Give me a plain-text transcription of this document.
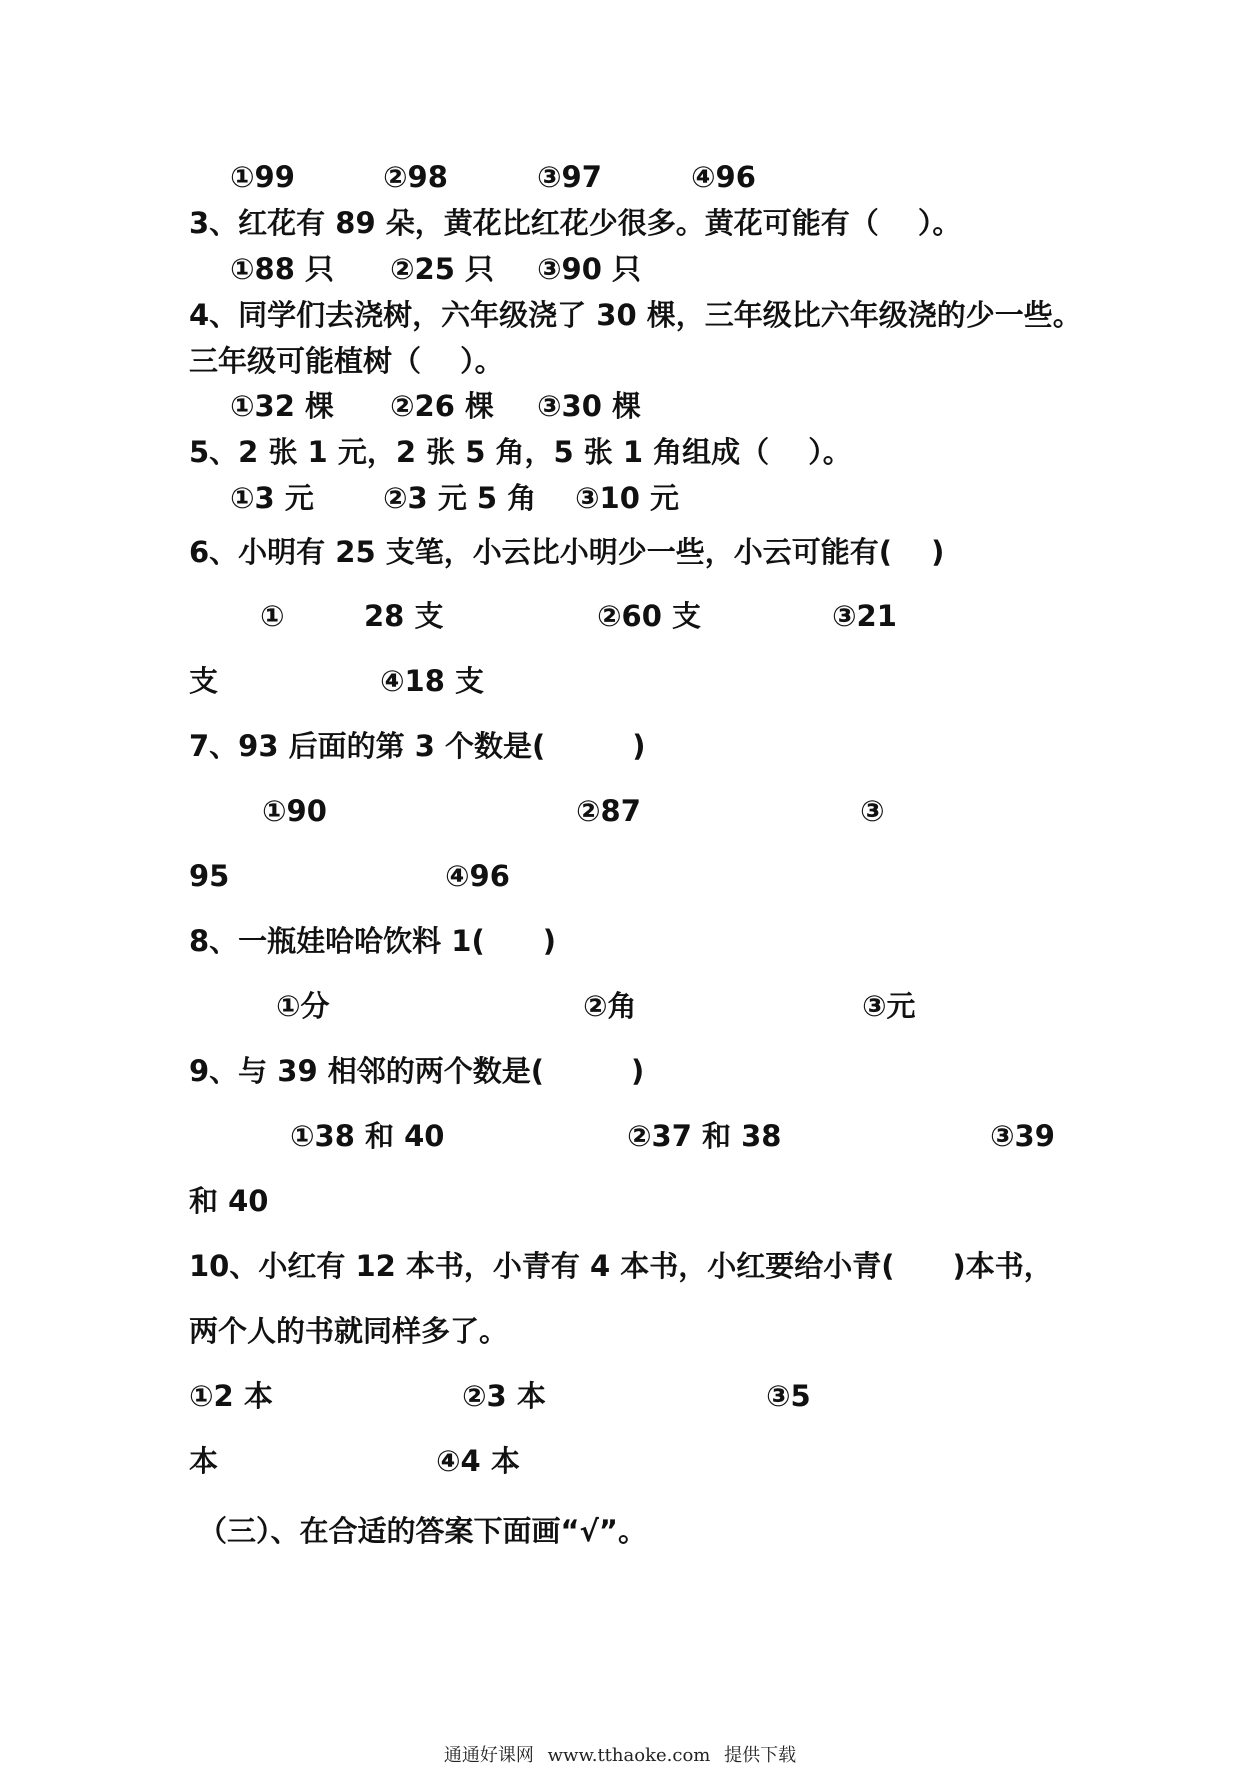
①99	②98	③97	④96
3、红花有 89 朵，黄花比红花少很多。黄花可能有（　 ）。
①88 只 ②25 只 ③90 只
4、同学们去浇树，六年级浇了 30 棵，三年级比六年级浇的少一些。
三年级可能植树（　 ）。
①32 棵 ②26 棵 ③30 棵
5、2 张 1 元，2 张 5 角，5 张 1 角组成（　 ）。
①3 元 ②3 元 5 角 ③10 元
6、小明有 25 支笔，小云比小明少一些，小云可能有(　 )
①	28 支	②60 支	③21
支	④18 支
7、93 后面的第 3 个数是(　　　)
①90	②87	③
95	④96
8、一瓶娃哈哈饮料 1(　　)
①分	②角	③元
9、与 39 相邻的两个数是(　　　)
①38 和 40	②37 和 38	③39
和 40
10、小红有 12 本书，小青有 4 本书，小红要给小青(　　)本书，
两个人的书就同样多了。
①2 本	②3 本	③5
本	④4 本
（三）、在合适的答案下面画“√”。
通通好课网 www.tthaoke.com 提供下载
